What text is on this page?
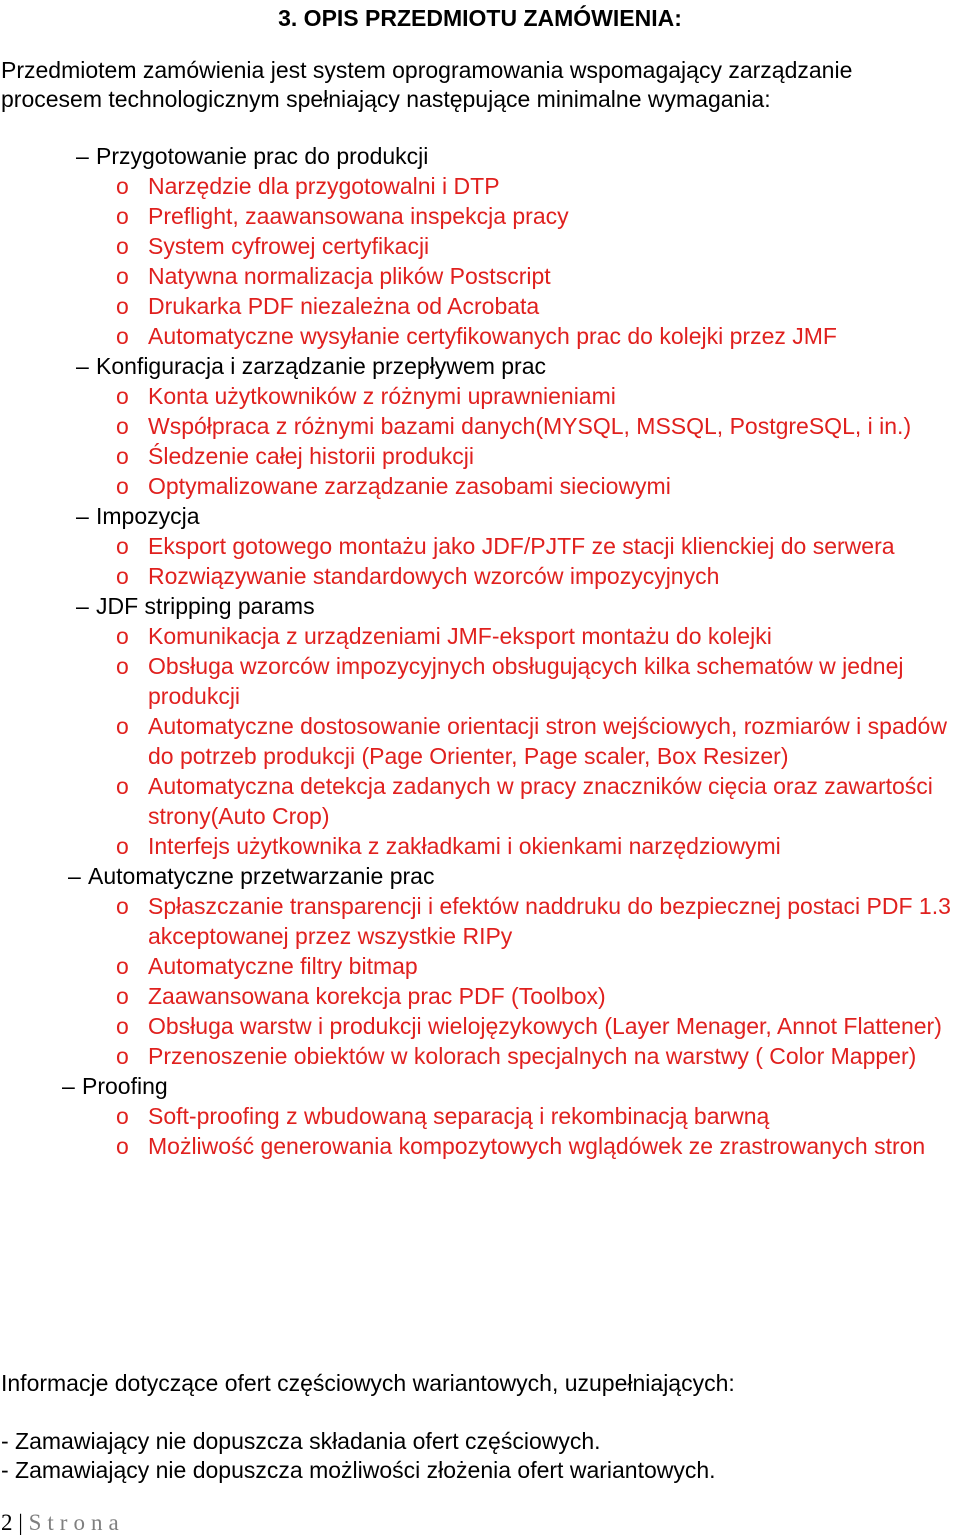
3. OPIS PRZEDMIOTU ZAMÓWIENIA:
Przedmiotem zamówienia jest system oprogramowania wspomagający zarządzanie procesem technologicznym spełniający następujące minimalne wymagania:
– Przygotowanie prac do produkcji
o Narzędzie dla przygotowalni i DTP
o Preflight, zaawansowana inspekcja pracy
o System cyfrowej certyfikacji
o Natywna normalizacja plików Postscript
o Drukarka PDF niezależna od Acrobata
o Automatyczne wysyłanie certyfikowanych prac do kolejki przez JMF
– Konfiguracja i zarządzanie przepływem prac
o Konta użytkowników z różnymi uprawnieniami
o Współpraca z różnymi bazami danych(MYSQL, MSSQL, PostgreSQL, i in.)
o Śledzenie całej historii produkcji
o Optymalizowane zarządzanie zasobami sieciowymi
– Impozycja
o Eksport gotowego montażu jako JDF/PJTF ze stacji klienckiej do serwera
o Rozwiązywanie standardowych wzorców impozycyjnych
– JDF stripping params
o Komunikacja z urządzeniami JMF-eksport montażu do kolejki
o Obsługa wzorców impozycyjnych obsługujących kilka schematów w jednej produkcji
o Automatyczne dostosowanie orientacji stron wejściowych, rozmiarów i spadów do potrzeb produkcji (Page Orienter, Page scaler, Box Resizer)
o Automatyczna detekcja zadanych w pracy znaczników cięcia oraz zawartości strony(Auto Crop)
o Interfejs użytkownika z zakładkami i okienkami narzędziowymi
– Automatyczne przetwarzanie prac
o Spłaszczanie transparencji i efektów naddruku do bezpiecznej postaci PDF 1.3 akceptowanej przez wszystkie RIPy
o Automatyczne filtry bitmap
o Zaawansowana korekcja prac PDF (Toolbox)
o Obsługa warstw i produkcji wielojęzykowych (Layer Menager, Annot Flattener)
o Przenoszenie obiektów w kolorach specjalnych na warstwy ( Color Mapper)
– Proofing
o Soft-proofing z wbudowaną separacją i rekombinacją barwną
o Możliwość generowania kompozytowych wglądówek ze zrastrowanych stron
Informacje dotyczące ofert częściowych wariantowych, uzupełniających:
- Zamawiający nie dopuszcza składania ofert częściowych.
- Zamawiający nie dopuszcza możliwości złożenia ofert wariantowych.
2 | Strona
